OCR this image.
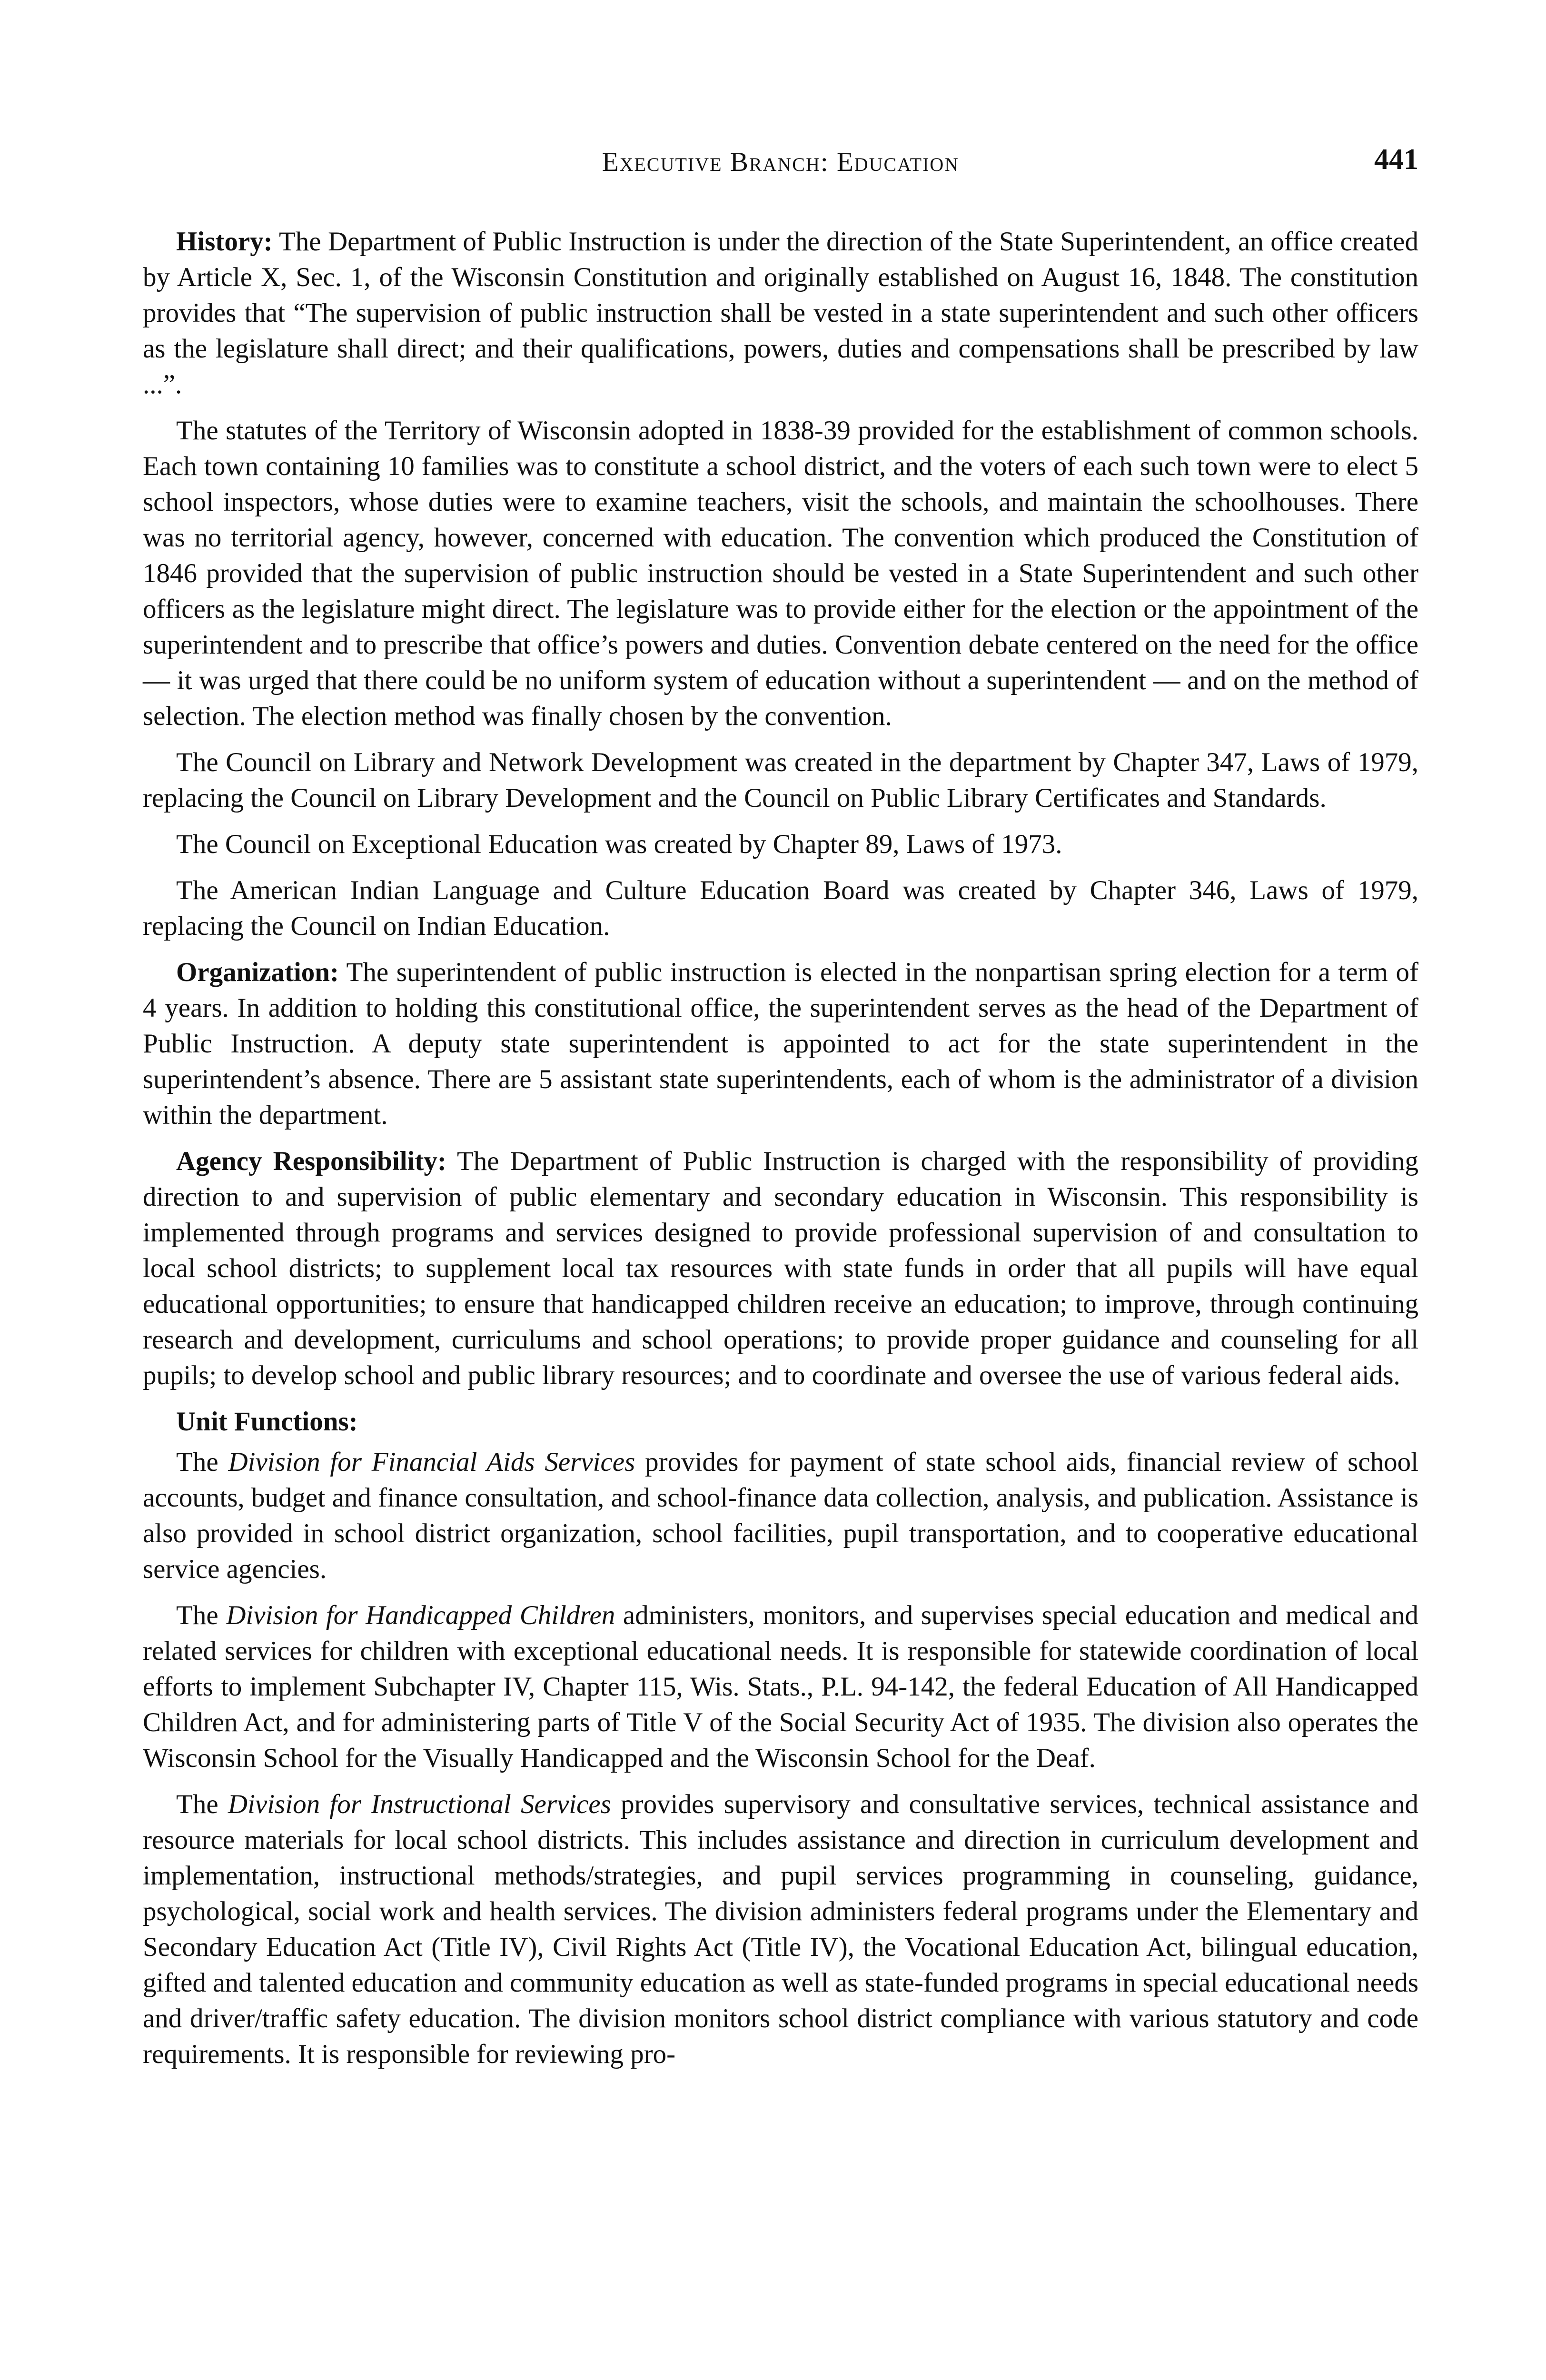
Executive Branch: Education	441

History: The Department of Public Instruction is under the direction of the State Superintendent, an office created by Article X, Sec. 1, of the Wisconsin Constitution and originally established on August 16, 1848. The constitution provides that “The supervision of public instruction shall be vested in a state superintendent and such other officers as the legislature shall direct; and their qualifications, powers, duties and compensations shall be prescribed by law ...”.

The statutes of the Territory of Wisconsin adopted in 1838-39 provided for the establishment of common schools. Each town containing 10 families was to constitute a school district, and the voters of each such town were to elect 5 school inspectors, whose duties were to examine teachers, visit the schools, and maintain the schoolhouses. There was no territorial agency, however, concerned with education. The convention which produced the Constitution of 1846 provided that the supervision of public instruction should be vested in a State Superintendent and such other officers as the legislature might direct. The legislature was to provide either for the election or the appointment of the superintendent and to prescribe that office’s powers and duties. Convention debate centered on the need for the office — it was urged that there could be no uniform system of education without a superintendent — and on the method of selection. The election method was finally chosen by the convention.

The Council on Library and Network Development was created in the department by Chapter 347, Laws of 1979, replacing the Council on Library Development and the Council on Public Library Certificates and Standards.

The Council on Exceptional Education was created by Chapter 89, Laws of 1973.

The American Indian Language and Culture Education Board was created by Chapter 346, Laws of 1979, replacing the Council on Indian Education.

Organization: The superintendent of public instruction is elected in the nonpartisan spring election for a term of 4 years. In addition to holding this constitutional office, the superintendent serves as the head of the Department of Public Instruction. A deputy state superintendent is appointed to act for the state superintendent in the superintendent’s absence. There are 5 assistant state superintendents, each of whom is the administrator of a division within the department.

Agency Responsibility: The Department of Public Instruction is charged with the responsibility of providing direction to and supervision of public elementary and secondary education in Wisconsin. This responsibility is implemented through programs and services designed to provide professional supervision of and consultation to local school districts; to supplement local tax resources with state funds in order that all pupils will have equal educational opportunities; to ensure that handicapped children receive an education; to improve, through continuing research and development, curriculums and school operations; to provide proper guidance and counseling for all pupils; to develop school and public library resources; and to coordinate and oversee the use of various federal aids.

Unit Functions:

The Division for Financial Aids Services provides for payment of state school aids, financial review of school accounts, budget and finance consultation, and school-finance data collection, analysis, and publication. Assistance is also provided in school district organization, school facilities, pupil transportation, and to cooperative educational service agencies.

The Division for Handicapped Children administers, monitors, and supervises special education and medical and related services for children with exceptional educational needs. It is responsible for statewide coordination of local efforts to implement Subchapter IV, Chapter 115, Wis. Stats., P.L. 94-142, the federal Education of All Handicapped Children Act, and for administering parts of Title V of the Social Security Act of 1935. The division also operates the Wisconsin School for the Visually Handicapped and the Wisconsin School for the Deaf.

The Division for Instructional Services provides supervisory and consultative services, technical assistance and resource materials for local school districts. This includes assistance and direction in curriculum development and implementation, instructional methods/strategies, and pupil services programming in counseling, guidance, psychological, social work and health services. The division administers federal programs under the Elementary and Secondary Education Act (Title IV), Civil Rights Act (Title IV), the Vocational Education Act, bilingual education, gifted and talented education and community education as well as state-funded programs in special educational needs and driver/traffic safety education. The division monitors school district compliance with various statutory and code requirements. It is responsible for reviewing pro-
